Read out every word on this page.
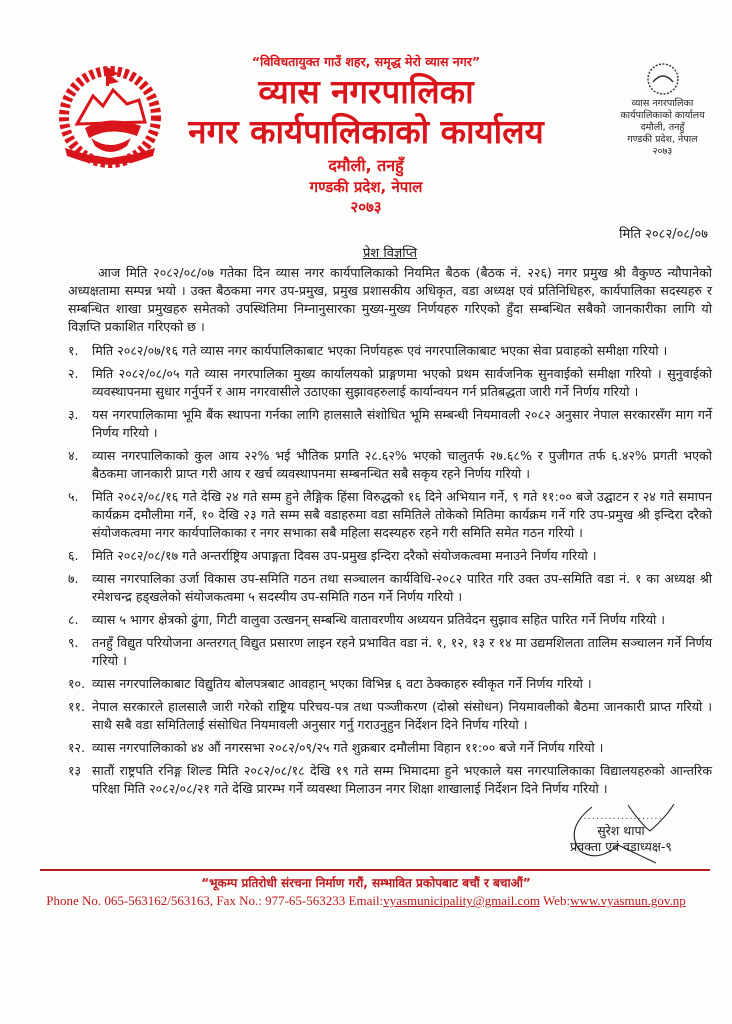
“विविधतायुक्त गाउँ शहर, समृद्ध मेरो व्यास नगर”
व्यास नगरपालिका
नगर कार्यपालिकाको कार्यालय
दमौली, तनहुँ
गण्डकी प्रदेश, नेपाल
२०७३
व्यास नगरपालिका
कार्यपालिकाको कार्यालय
दमौली, तनहुँ
गण्डकी प्रदेश, नेपाल
२०७३
मिति २०८२/०८/०७
प्रेश विज्ञप्ति
आज मिति २०८२/०८/०७ गतेका दिन व्यास नगर कार्यपालिकाको नियमित बैठक (बैठक नं. २२६) नगर प्रमुख श्री वैकुण्ठ न्यौपानेको अध्यक्षतामा सम्पन्न भयो । उक्त बैठकमा नगर उप-प्रमुख, प्रमुख प्रशासकीय अधिकृत, वडा अध्यक्ष एवं प्रतिनिधिहरु, कार्यपालिका सदस्यहरु र सम्बन्धित शाखा प्रमुखहरु समेतको उपस्थितिमा निम्नानुसारका मुख्य-मुख्य निर्णयहरु गरिएको हुँदा सम्बन्धित सबैको जानकारीका लागि यो विज्ञप्ति प्रकाशित गरिएको छ ।
१.	मिति २०८२/०७/१६ गते व्यास नगर कार्यपालिकाबाट भएका निर्णयहरू एवं नगरपालिकाबाट भएका सेवा प्रवाहको समीक्षा गरियो ।
२.	मिति २०८२/०८/०५ गते व्यास नगरपालिका मुख्य कार्यालयको प्राङ्गणमा भएको प्रथम सार्वजनिक सुनवाईको समीक्षा गरियो । सुनुवाईको व्यवस्थापनमा सुधार गर्नुपर्ने र आम नगरवासीले उठाएका सुझावहरुलाई कार्यान्वयन गर्न प्रतिबद्धता जारी गर्ने निर्णय गरियो ।
३.	यस नगरपालिकामा भूमि बैंक स्थापना गर्नका लागि हालसालै संशोधित भूमि सम्बन्धी नियमावली २०८२ अनुसार नेपाल सरकारसँग माग गर्ने निर्णय गरियो ।
४.	व्यास नगरपालिकाको कुल आय २२% भई भौतिक प्रगति २८.६२% भएको चालुतर्फ २७.६८% र पुजीगत तर्फ ६.४२% प्रगती भएको बैठकमा जानकारी प्राप्त गरी आय र खर्च व्यवस्थापनमा सम्बनन्धित सबै सकृय रहने निर्णय गरियो ।
५.	मिति २०८२/०८/१६ गते देखि २४ गते सम्म हुने लैङ्गिक हिंसा विरुद्धको १६ दिने अभियान गर्ने, ९ गते ११:०० बजे उद्घाटन र २४ गते समापन कार्यक्रम दमौलीमा गर्ने, १० देखि २३ गते सम्म सबै वडाहरुमा वडा समितिले तोकेको मितिमा कार्यक्रम गर्ने गरि उप-प्रमुख श्री इन्दिरा दरैको संयोजकत्वमा नगर कार्यपालिकाका र नगर सभाका सबै महिला सदस्यहरु रहने गरी समिति समेत गठन गरियो ।
६.	मिति २०८२/०८/१७ गते अन्तर्राष्ट्रिय अपाङ्गता दिवस उप-प्रमुख इन्दिरा दरैको संयोजकत्वमा मनाउने निर्णय गरियो ।
७.	व्यास नगरपालिका उर्जा विकास उप-समिति गठन तथा सञ्चालन कार्यविधि-२०८२ पारित गरि उक्त उप-समिति वडा नं. १ का अध्यक्ष श्री रमेशचन्द्र हड्खलेको संयोजकत्वमा ५ सदस्यीय उप-समिति गठन गर्ने निर्णय गरियो ।
८.	व्यास ५ भागर क्षेत्रको ढुंगा, गिटी वालुवा उत्खनन् सम्बन्धि वातावरणीय अध्ययन प्रतिवेदन सुझाव सहित पारित गर्ने निर्णय गरियो ।
९.	तनहुँ विद्युत परियोजना अन्तरगत् विद्युत प्रसारण लाइन रहने प्रभावित वडा नं. १, १२, १३ र १४ मा उद्यमशिलता तालिम सञ्चालन गर्ने निर्णय गरियो ।
१०. व्यास नगरपालिकाबाट विद्युतिय बोलपत्रबाट आवहान् भएका विभिन्न ६ वटा ठेक्काहरु स्वीकृत गर्ने निर्णय गरियो ।
११. नेपाल सरकारले हालसालै जारी गरेको राष्ट्रिय परिचय-पत्र तथा पञ्जीकरण (दोस्रो संसोधन) नियमावलीको बैठमा जानकारी प्राप्त गरियो । साथै सबै वडा समितिलाई संसोधित नियमावली अनुसार गर्नु गराउनुहुन निर्देशन दिने निर्णय गरियो ।
१२. व्यास नगरपालिकाको ४४ औं नगरसभा २०८२/०९/२५ गते शुक्रबार दमौलीमा विहान ११:०० बजे गर्ने निर्णय गरियो ।
१३ सातौं राष्ट्रपति रनिङ्ग शिल्ड मिति २०८२/०८/१८ देखि १९ गते सम्म भिमादमा हुने भएकाले यस नगरपालिकाका विद्यालयहरुको आन्तरिक परिक्षा मिति २०८२/०८/२१ गते देखि प्रारम्भ गर्ने व्यवस्था मिलाउन नगर शिक्षा शाखालाई निर्देशन दिने निर्णय गरियो ।
....................
सुरेश थापा
प्रवक्ता एवं वडाध्यक्ष-९
“भूकम्प प्रतिरोधी संरचना निर्माण गरौं, सम्भावित प्रकोपबाट बचौं र बचाऔं”
Phone No. 065-563162/563163, Fax No.: 977-65-563233 Email:vyasmunicipality@gmail.com Web:www.vyasmun.gov.np
